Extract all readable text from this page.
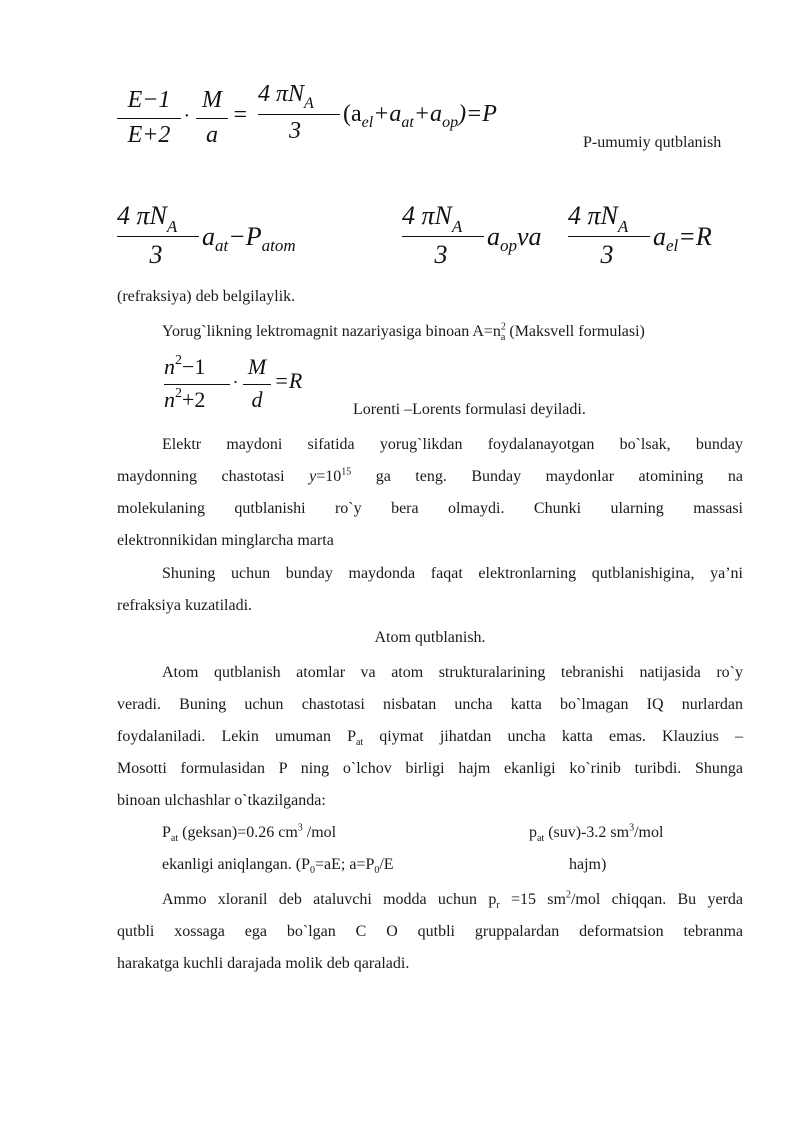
E−1
E+2
·
M
a
=
4 $\pi N_A$
3
$(a_{el}+a_{at}+a_{op})=P$
P-umumiy qutblanish
4 $\pi N_A$
3
$a_{at}-P_{atom}$
4 $\pi N_A$
3
$a_{op}va$
4 $\pi N_A$
3
$a_{el}=R$
(refraksiya) deb belgilaylik.
Yorug`likning lektromagnit nazariyasiga binoan $A=n^2_a$ (Maksvell formulasi)
$n^2-1$
$n^2+2$
·
M
d
=R
Lorenti –Lorents formulasi deyiladi.
Elektr maydoni sifatida yorug`likdan foydalanayotgan bo`lsak, bunday
maydonning chastotasi $y=10^{15}$ ga teng. Bunday maydonlar atomining na
molekulaning qutblanishi ro`y bera olmaydi. Chunki ularning massasi
elektronnikidan minglarcha marta
Shuning uchun bunday maydonda faqat elektronlarning qutblanishigina, ya’ni
refraksiya kuzatiladi.
Atom qutblanish.
Atom qutblanish atomlar va atom strukturalarining tebranishi natijasida ro`y
veradi. Buning uchun chastotasi nisbatan uncha katta bo`lmagan IQ nurlardan
foydalaniladi. Lekin umuman $P_{at}$ qiymat jihatdan uncha katta emas. Klauzius –
Mosotti formulasidan P ning o`lchov birligi hajm ekanligi ko`rinib turibdi. Shunga
binoan ulchashlar o`tkazilganda:
$P_{at}$ (geksan)=0.26 $cm^3$ /mol	$p_{at}$ (suv)-3.2 $sm^3$/mol
ekanligi aniqlangan. ($P_0=aE$; $a=P_0/E$	hajm)
Ammo xloranil deb ataluvchi modda uchun $p_r =15$ $sm^2$/mol chiqqan. Bu yerda
qutbli xossaga ega bo`lgan C O qutbli gruppalardan deformatsion tebranma
harakatga kuchli darajada molik deb qaraladi.
